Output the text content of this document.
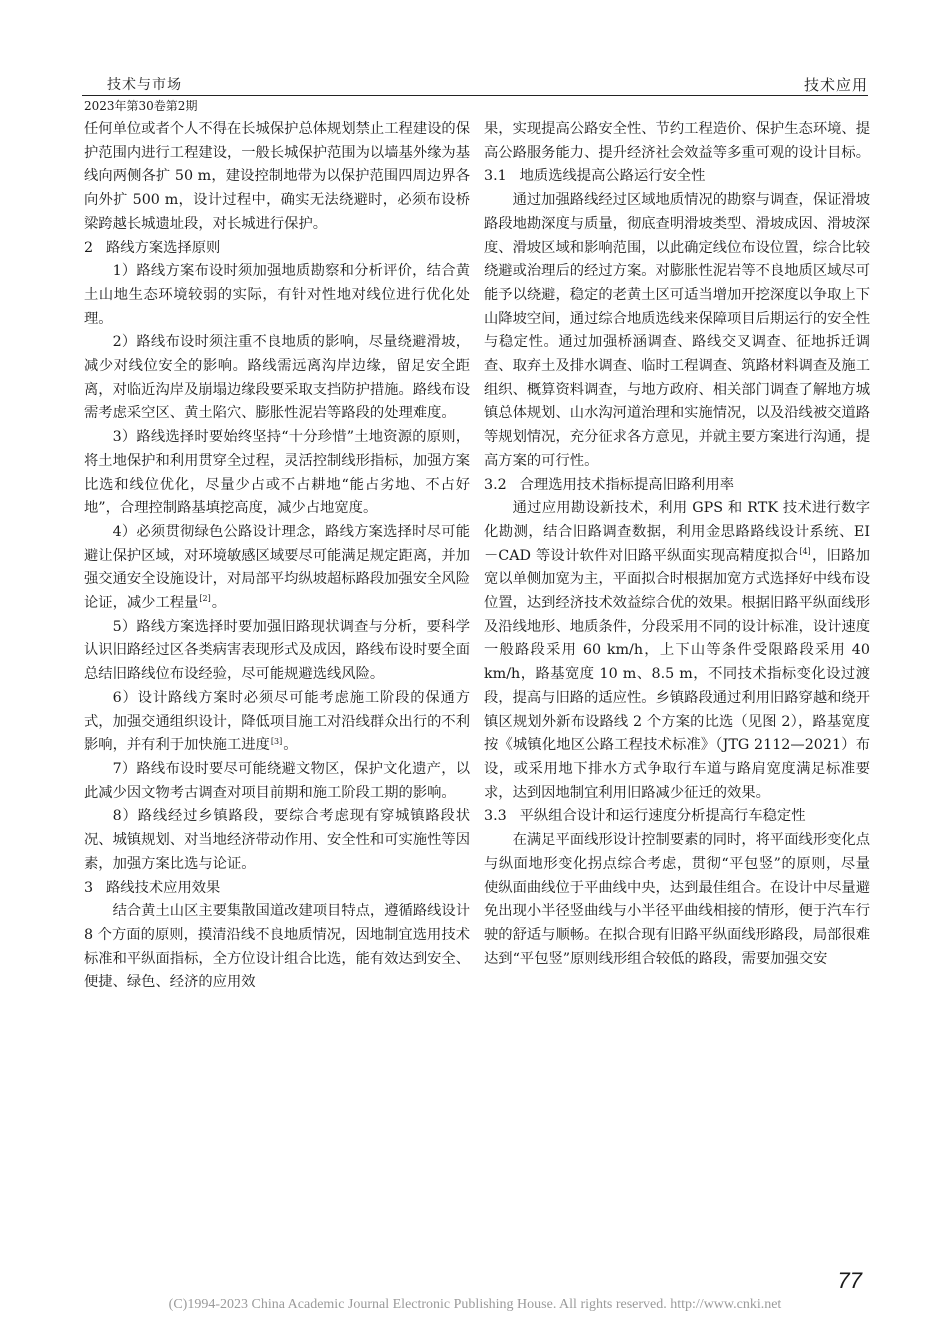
技术与市场	技术应用
2023年第30卷第2期

任何单位或者个人不得在长城保护总体规划禁止工程建设的保护范围内进行工程建设，一般长城保护范围为以墙基外缘为基线向两侧各扩 50 m，建设控制地带为以保护范围四周边界各向外扩 500 m，设计过程中，确实无法绕避时，必须布设桥梁跨越长城遗址段，对长城进行保护。

2 路线方案选择原则

1）路线方案布设时须加强地质勘察和分析评价，结合黄土山地生态环境较弱的实际，有针对性地对线位进行优化处理。

2）路线布设时须注重不良地质的影响，尽量绕避滑坡，减少对线位安全的影响。路线需远离沟岸边缘，留足安全距离，对临近沟岸及崩塌边缘段要采取支挡防护措施。路线布设需考虑采空区、黄土陷穴、膨胀性泥岩等路段的处理难度。

3）路线选择时要始终坚持“十分珍惜”土地资源的原则，将土地保护和利用贯穿全过程，灵活控制线形指标，加强方案比选和线位优化，尽量少占或不占耕地“能占劣地、不占好地”，合理控制路基填挖高度，减少占地宽度。

4）必须贯彻绿色公路设计理念，路线方案选择时尽可能避让保护区域，对环境敏感区域要尽可能满足规定距离，并加强交通安全设施设计，对局部平均纵坡超标路段加强安全风险论证，减少工程量[2]。

5）路线方案选择时要加强旧路现状调查与分析，要科学认识旧路经过区各类病害表现形式及成因，路线布设时要全面总结旧路线位布设经验，尽可能规避选线风险。

6）设计路线方案时必须尽可能考虑施工阶段的保通方式，加强交通组织设计，降低项目施工对沿线群众出行的不利影响，并有利于加快施工进度[3]。

7）路线布设时要尽可能绕避文物区，保护文化遗产，以此减少因文物考古调查对项目前期和施工阶段工期的影响。

8）路线经过乡镇路段，要综合考虑现有穿城镇路段状况、城镇规划、对当地经济带动作用、安全性和可实施性等因素，加强方案比选与论证。

3 路线技术应用效果

结合黄土山区主要集散国道改建项目特点，遵循路线设计 8 个方面的原则，摸清沿线不良地质情况，因地制宜选用技术标准和平纵面指标，全方位设计组合比选，能有效达到安全、便捷、绿色、经济的应用效

果，实现提高公路安全性、节约工程造价、保护生态环境、提高公路服务能力、提升经济社会效益等多重可观的设计目标。

3.1 地质选线提高公路运行安全性

通过加强路线经过区域地质情况的勘察与调查，保证滑坡路段地勘深度与质量，彻底查明滑坡类型、滑坡成因、滑坡深度、滑坡区域和影响范围，以此确定线位布设位置，综合比较绕避或治理后的经过方案。对膨胀性泥岩等不良地质区域尽可能予以绕避，稳定的老黄土区可适当增加开挖深度以争取上下山降坡空间，通过综合地质选线来保障项目后期运行的安全性与稳定性。通过加强桥涵调查、路线交叉调查、征地拆迁调查、取弃土及排水调查、临时工程调查、筑路材料调查及施工组织、概算资料调查，与地方政府、相关部门调查了解地方城镇总体规划、山水沟河道治理和实施情况，以及沿线被交道路等规划情况，充分征求各方意见，并就主要方案进行沟通，提高方案的可行性。

3.2 合理选用技术指标提高旧路利用率

通过应用勘设新技术，利用 GPS 和 RTK 技术进行数字化勘测，结合旧路调查数据，利用金思路路线设计系统、EI－CAD 等设计软件对旧路平纵面实现高精度拟合[4]，旧路加宽以单侧加宽为主，平面拟合时根据加宽方式选择好中线布设位置，达到经济技术效益综合优的效果。根据旧路平纵面线形及沿线地形、地质条件，分段采用不同的设计标准，设计速度一般路段采用 60 km/h，上下山等条件受限路段采用 40 km/h，路基宽度 10 m、8.5 m，不同技术指标变化设过渡段，提高与旧路的适应性。乡镇路段通过利用旧路穿越和绕开镇区规划外新布设路线 2 个方案的比选（见图 2），路基宽度按《城镇化地区公路工程技术标准》（JTG 2112—2021）布设，或采用地下排水方式争取行车道与路肩宽度满足标准要求，达到因地制宜利用旧路减少征迁的效果。

3.3 平纵组合设计和运行速度分析提高行车稳定性

在满足平面线形设计控制要素的同时，将平面线形变化点与纵面地形变化拐点综合考虑，贯彻“平包竖”的原则，尽量使纵面曲线位于平曲线中央，达到最佳组合。在设计中尽量避免出现小半径竖曲线与小半径平曲线相接的情形，便于汽车行驶的舒适与顺畅。在拟合现有旧路平纵面线形路段，局部很难达到“平包竖”原则线形组合较低的路段，需要加强交安

77
(C)1994-2023 China Academic Journal Electronic Publishing House. All rights reserved. http://www.cnki.net
